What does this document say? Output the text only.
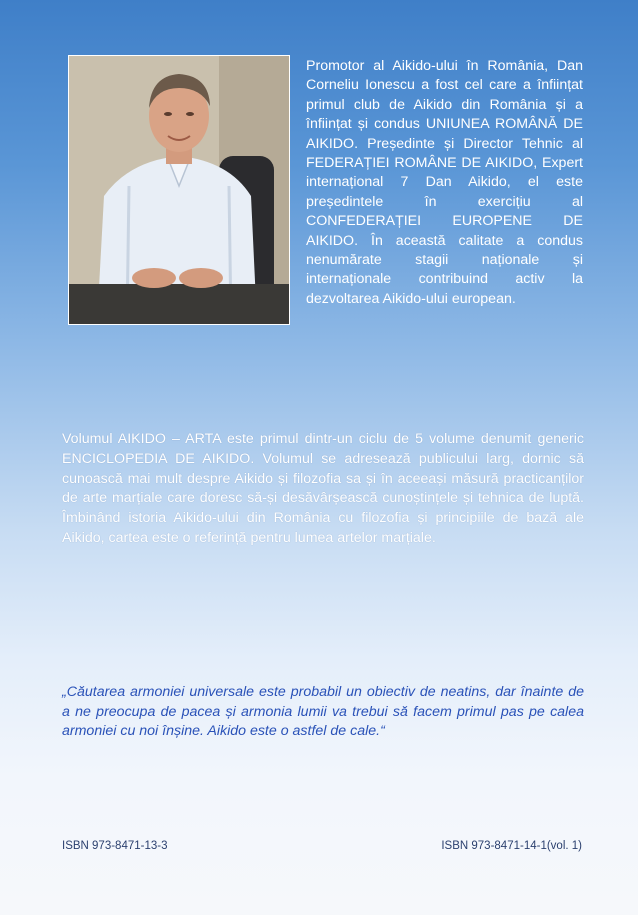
Promotor al Aikido-ului în România, Dan Corneliu Ionescu a fost cel care a înființat primul club de Aikido din România și a înființat și condus UNIUNEA ROMÂNĂ DE AIKIDO. Președinte și Director Tehnic al FEDERAȚIEI ROMÂNE DE AIKIDO, Expert internațional 7 Dan Aikido, el este președintele în exercițiu al CONFEDERAȚIEI EUROPENE DE AIKIDO. În această calitate a condus nenumărate stagii naționale și internaționale contribuind activ la dezvoltarea Aikido-ului european.

Volumul AIKIDO – ARTA este primul dintr-un ciclu de 5 volume denumit generic ENCICLOPEDIA DE AIKIDO. Volumul se adresează publicului larg, dornic să cunoască mai mult despre Aikido și filozofia sa și în aceeași măsură practicanților de arte marțiale care doresc să-și desăvârșească cunoștințele și tehnica de luptă. Îmbinând istoria Aikido-ului din România cu filozofia și principiile de bază ale Aikido, cartea este o referință pentru lumea artelor marțiale.

„Căutarea armoniei universale este probabil un obiectiv de neatins, dar înainte de a ne preocupa de pacea și armonia lumii va trebui să facem primul pas pe calea armoniei cu noi înșine. Aikido este o astfel de cale.“

ISBN 973-8471-13-3	ISBN 973-8471-14-1(vol. 1)
